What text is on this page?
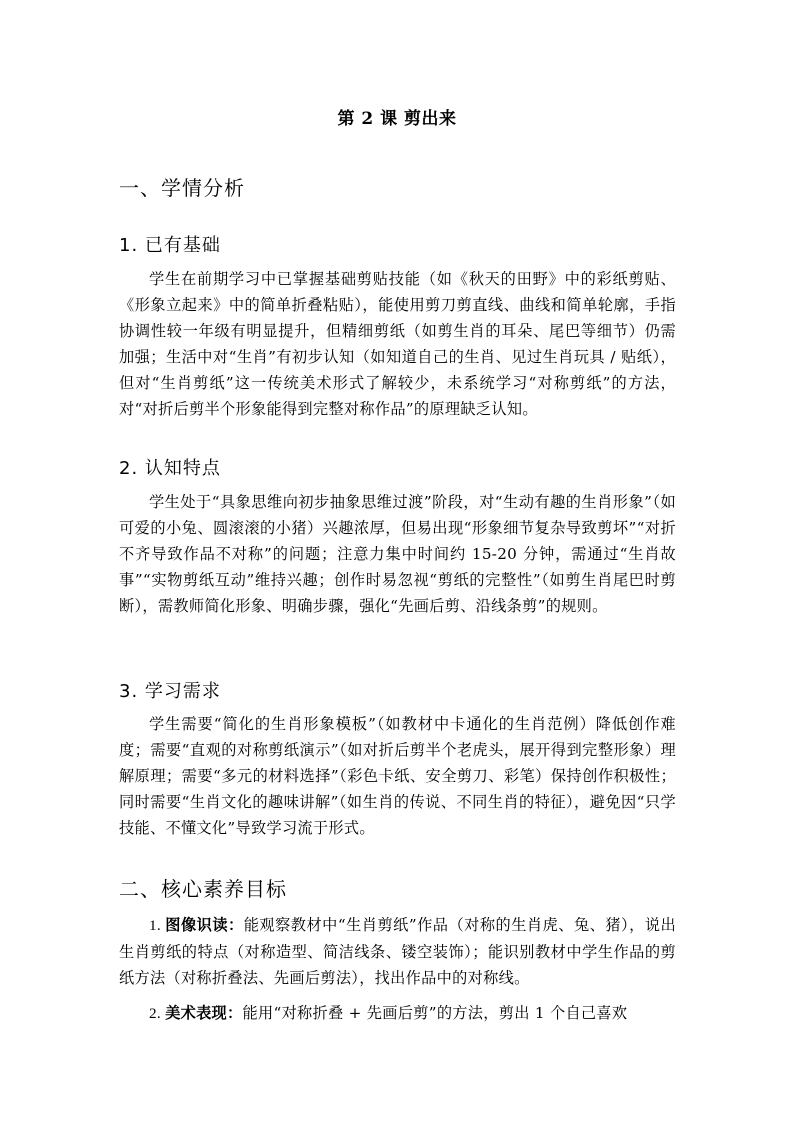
第 2 课 剪出来
一、学情分析
1. 已有基础
学生在前期学习中已掌握基础剪贴技能（如《秋天的田野》中的彩纸剪贴、《形象立起来》中的简单折叠粘贴），能使用剪刀剪直线、曲线和简单轮廓，手指协调性较一年级有明显提升，但精细剪纸（如剪生肖的耳朵、尾巴等细节）仍需加强；生活中对“生肖”有初步认知（如知道自己的生肖、见过生肖玩具 / 贴纸），但对“生肖剪纸”这一传统美术形式了解较少，未系统学习“对称剪纸”的方法，对“对折后剪半个形象能得到完整对称作品”的原理缺乏认知。
2. 认知特点
学生处于“具象思维向初步抽象思维过渡”阶段，对“生动有趣的生肖形象”（如可爱的小兔、圆滚滚的小猪）兴趣浓厚，但易出现“形象细节复杂导致剪坏”“对折不齐导致作品不对称”的问题；注意力集中时间约 15-20 分钟，需通过“生肖故事”“实物剪纸互动”维持兴趣；创作时易忽视“剪纸的完整性”（如剪生肖尾巴时剪断），需教师简化形象、明确步骤，强化“先画后剪、沿线条剪”的规则。
3. 学习需求
学生需要“简化的生肖形象模板”（如教材中卡通化的生肖范例）降低创作难度；需要“直观的对称剪纸演示”（如对折后剪半个老虎头，展开得到完整形象）理解原理；需要“多元的材料选择”（彩色卡纸、安全剪刀、彩笔）保持创作积极性；同时需要“生肖文化的趣味讲解”（如生肖的传说、不同生肖的特征），避免因“只学技能、不懂文化”导致学习流于形式。
二、核心素养目标
1. 图像识读：能观察教材中“生肖剪纸”作品（对称的生肖虎、兔、猪），说出生肖剪纸的特点（对称造型、简洁线条、镂空装饰）；能识别教材中学生作品的剪纸方法（对称折叠法、先画后剪法），找出作品中的对称线。
2. 美术表现：能用“对称折叠 + 先画后剪”的方法，剪出 1 个自己喜欢
